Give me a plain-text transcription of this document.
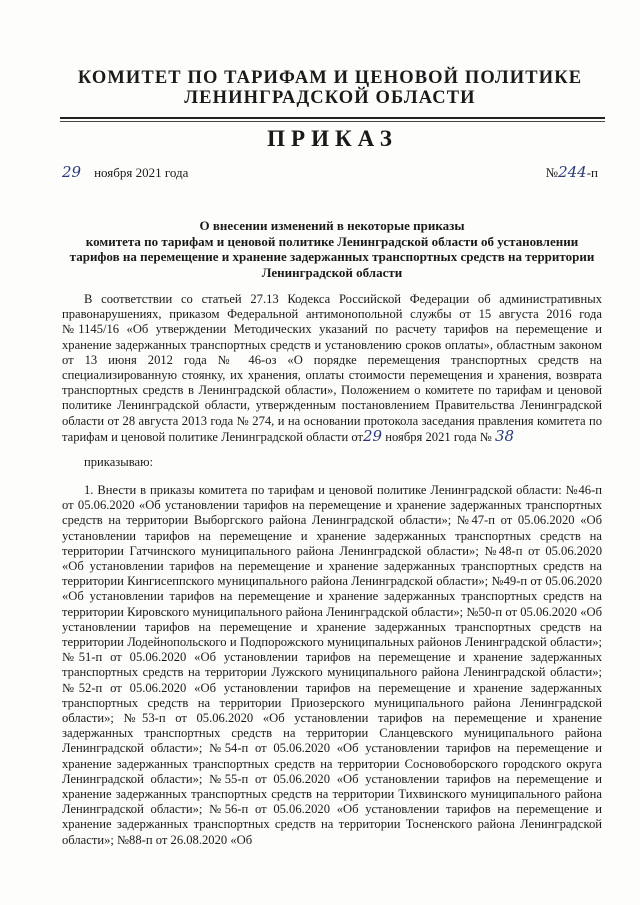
КОМИТЕТ ПО ТАРИФАМ И ЦЕНОВОЙ ПОЛИТИКЕ
ЛЕНИНГРАДСКОЙ ОБЛАСТИ
ПРИКАЗ
29 ноября 2021 года	№244-п
О внесении изменений в некоторые приказы
комитета по тарифам и ценовой политике Ленинградской области об установлении
тарифов на перемещение и хранение задержанных транспортных средств на территории
Ленинградской области
В соответствии со статьей 27.13 Кодекса Российской Федерации об административных правонарушениях, приказом Федеральной антимонопольной службы от 15 августа 2016 года №1145/16 «Об утверждении Методических указаний по расчету тарифов на перемещение и хранение задержанных транспортных средств и установлению сроков оплаты», областным законом от 13 июня 2012 года № 46-оз «О порядке перемещения транспортных средств на специализированную стоянку, их хранения, оплаты стоимости перемещения и хранения, возврата транспортных средств в Ленинградской области», Положением о комитете по тарифам и ценовой политике Ленинградской области, утвержденным постановлением Правительства Ленинградской области от 28 августа 2013 года № 274, и на основании протокола заседания правления комитета по тарифам и ценовой политике Ленинградской области от29 ноября 2021 года № 38
приказываю:
1. Внести в приказы комитета по тарифам и ценовой политике Ленинградской области: №46-п от 05.06.2020 «Об установлении тарифов на перемещение и хранение задержанных транспортных средств на территории Выборгского района Ленинградской области»; №47-п от 05.06.2020 «Об установлении тарифов на перемещение и хранение задержанных транспортных средств на территории Гатчинского муниципального района Ленинградской области»; №48-п от 05.06.2020 «Об установлении тарифов на перемещение и хранение задержанных транспортных средств на территории Кингисеппского муниципального района Ленинградской области»; №49-п от 05.06.2020 «Об установлении тарифов на перемещение и хранение задержанных транспортных средств на территории Кировского муниципального района Ленинградской области»; №50-п от 05.06.2020 «Об установлении тарифов на перемещение и хранение задержанных транспортных средств на территории Лодейнопольского и Подпорожского муниципальных районов Ленинградской области»; №51-п от 05.06.2020 «Об установлении тарифов на перемещение и хранение задержанных транспортных средств на территории Лужского муниципального района Ленинградской области»; №52-п от 05.06.2020 «Об установлении тарифов на перемещение и хранение задержанных транспортных средств на территории Приозерского муниципального района Ленинградской области»; №53-п от 05.06.2020 «Об установлении тарифов на перемещение и хранение задержанных транспортных средств на территории Сланцевского муниципального района Ленинградской области»; №54-п от 05.06.2020 «Об установлении тарифов на перемещение и хранение задержанных транспортных средств на территории Сосновоборского городского округа Ленинградской области»; №55-п от 05.06.2020 «Об установлении тарифов на перемещение и хранение задержанных транспортных средств на территории Тихвинского муниципального района Ленинградской области»; №56-п от 05.06.2020 «Об установлении тарифов на перемещение и хранение задержанных транспортных средств на территории Тосненского района Ленинградской области»; №88-п от 26.08.2020 «Об
